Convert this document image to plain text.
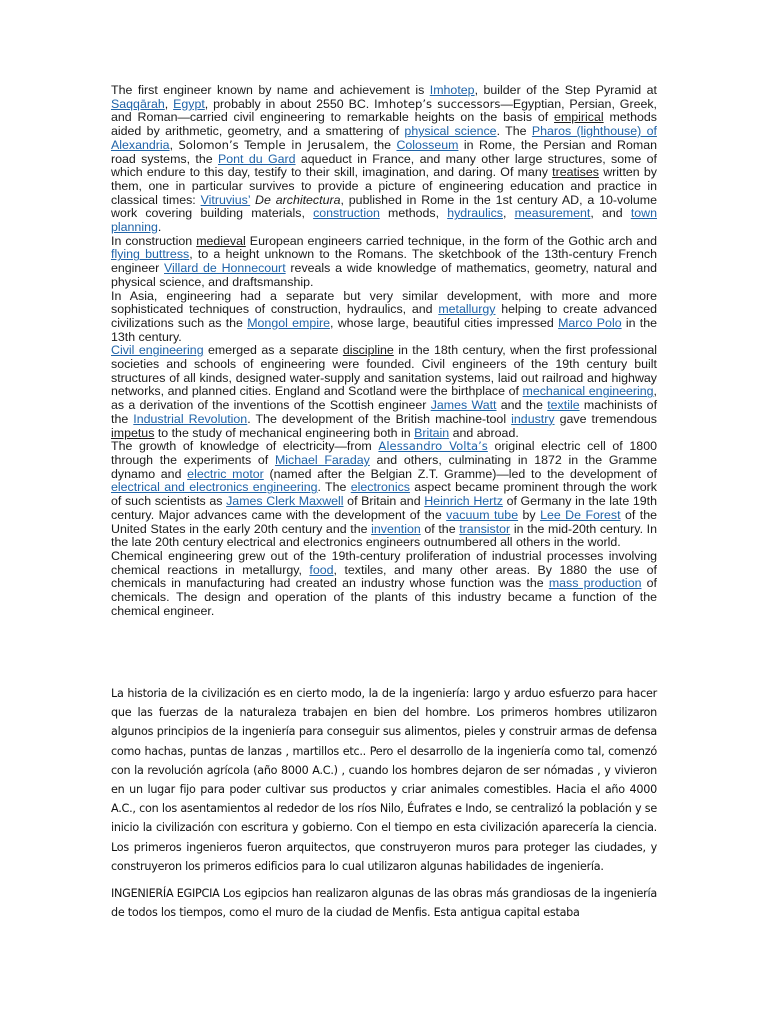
The first engineer known by name and achievement is Imhotep, builder of the Step Pyramid at Saqqārah, Egypt, probably in about 2550 BC. Imhotep’s successors—Egyptian, Persian, Greek, and Roman—carried civil engineering to remarkable heights on the basis of empirical methods aided by arithmetic, geometry, and a smattering of physical science. The Pharos (lighthouse) of Alexandria, Solomon’s Temple in Jerusalem, the Colosseum in Rome, the Persian and Roman road systems, the Pont du Gard aqueduct in France, and many other large structures, some of which endure to this day, testify to their skill, imagination, and daring. Of many treatises written by them, one in particular survives to provide a picture of engineering education and practice in classical times: Vitruvius’ De architectura, published in Rome in the 1st century AD, a 10-volume work covering building materials, construction methods, hydraulics, measurement, and town planning.

In construction medieval European engineers carried technique, in the form of the Gothic arch and flying buttress, to a height unknown to the Romans. The sketchbook of the 13th-century French engineer Villard de Honnecourt reveals a wide knowledge of mathematics, geometry, natural and physical science, and draftsmanship.

In Asia, engineering had a separate but very similar development, with more and more sophisticated techniques of construction, hydraulics, and metallurgy helping to create advanced civilizations such as the Mongol empire, whose large, beautiful cities impressed Marco Polo in the 13th century.

Civil engineering emerged as a separate discipline in the 18th century, when the first professional societies and schools of engineering were founded. Civil engineers of the 19th century built structures of all kinds, designed water-supply and sanitation systems, laid out railroad and highway networks, and planned cities. England and Scotland were the birthplace of mechanical engineering, as a derivation of the inventions of the Scottish engineer James Watt and the textile machinists of the Industrial Revolution. The development of the British machine-tool industry gave tremendous impetus to the study of mechanical engineering both in Britain and abroad.

The growth of knowledge of electricity—from Alessandro Volta’s original electric cell of 1800 through the experiments of Michael Faraday and others, culminating in 1872 in the Gramme dynamo and electric motor (named after the Belgian Z.T. Gramme)—led to the development of electrical and electronics engineering. The electronics aspect became prominent through the work of such scientists as James Clerk Maxwell of Britain and Heinrich Hertz of Germany in the late 19th century. Major advances came with the development of the vacuum tube by Lee De Forest of the United States in the early 20th century and the invention of the transistor in the mid-20th century. In the late 20th century electrical and electronics engineers outnumbered all others in the world.

Chemical engineering grew out of the 19th-century proliferation of industrial processes involving chemical reactions in metallurgy, food, textiles, and many other areas. By 1880 the use of chemicals in manufacturing had created an industry whose function was the mass production of chemicals. The design and operation of the plants of this industry became a function of the chemical engineer.

La historia de la civilización es en cierto modo, la de la ingeniería: largo y arduo esfuerzo para hacer que las fuerzas de la naturaleza trabajen en bien del hombre. Los primeros hombres utilizaron algunos principios de la ingeniería para conseguir sus alimentos, pieles y construir armas de defensa como hachas, puntas de lanzas , martillos etc.. Pero el desarrollo de la ingeniería como tal, comenzó con la revolución agrícola (año 8000 A.C.) , cuando los hombres dejaron de ser nómadas , y vivieron en un lugar fijo para poder cultivar sus productos y criar animales comestibles. Hacia el año 4000 A.C., con los asentamientos al rededor de los ríos Nilo, Éufrates e Indo, se centralizó la población y se inicio la civilización con escritura y gobierno. Con el tiempo en esta civilización aparecería la ciencia. Los primeros ingenieros fueron arquitectos, que construyeron muros para proteger las ciudades, y construyeron los primeros edificios para lo cual utilizaron algunas habilidades de ingeniería.

INGENIERÍA EGIPCIA Los egipcios han realizaron algunas de las obras más grandiosas de la ingeniería de todos los tiempos, como el muro de la ciudad de Menfis. Esta antigua capital estaba
